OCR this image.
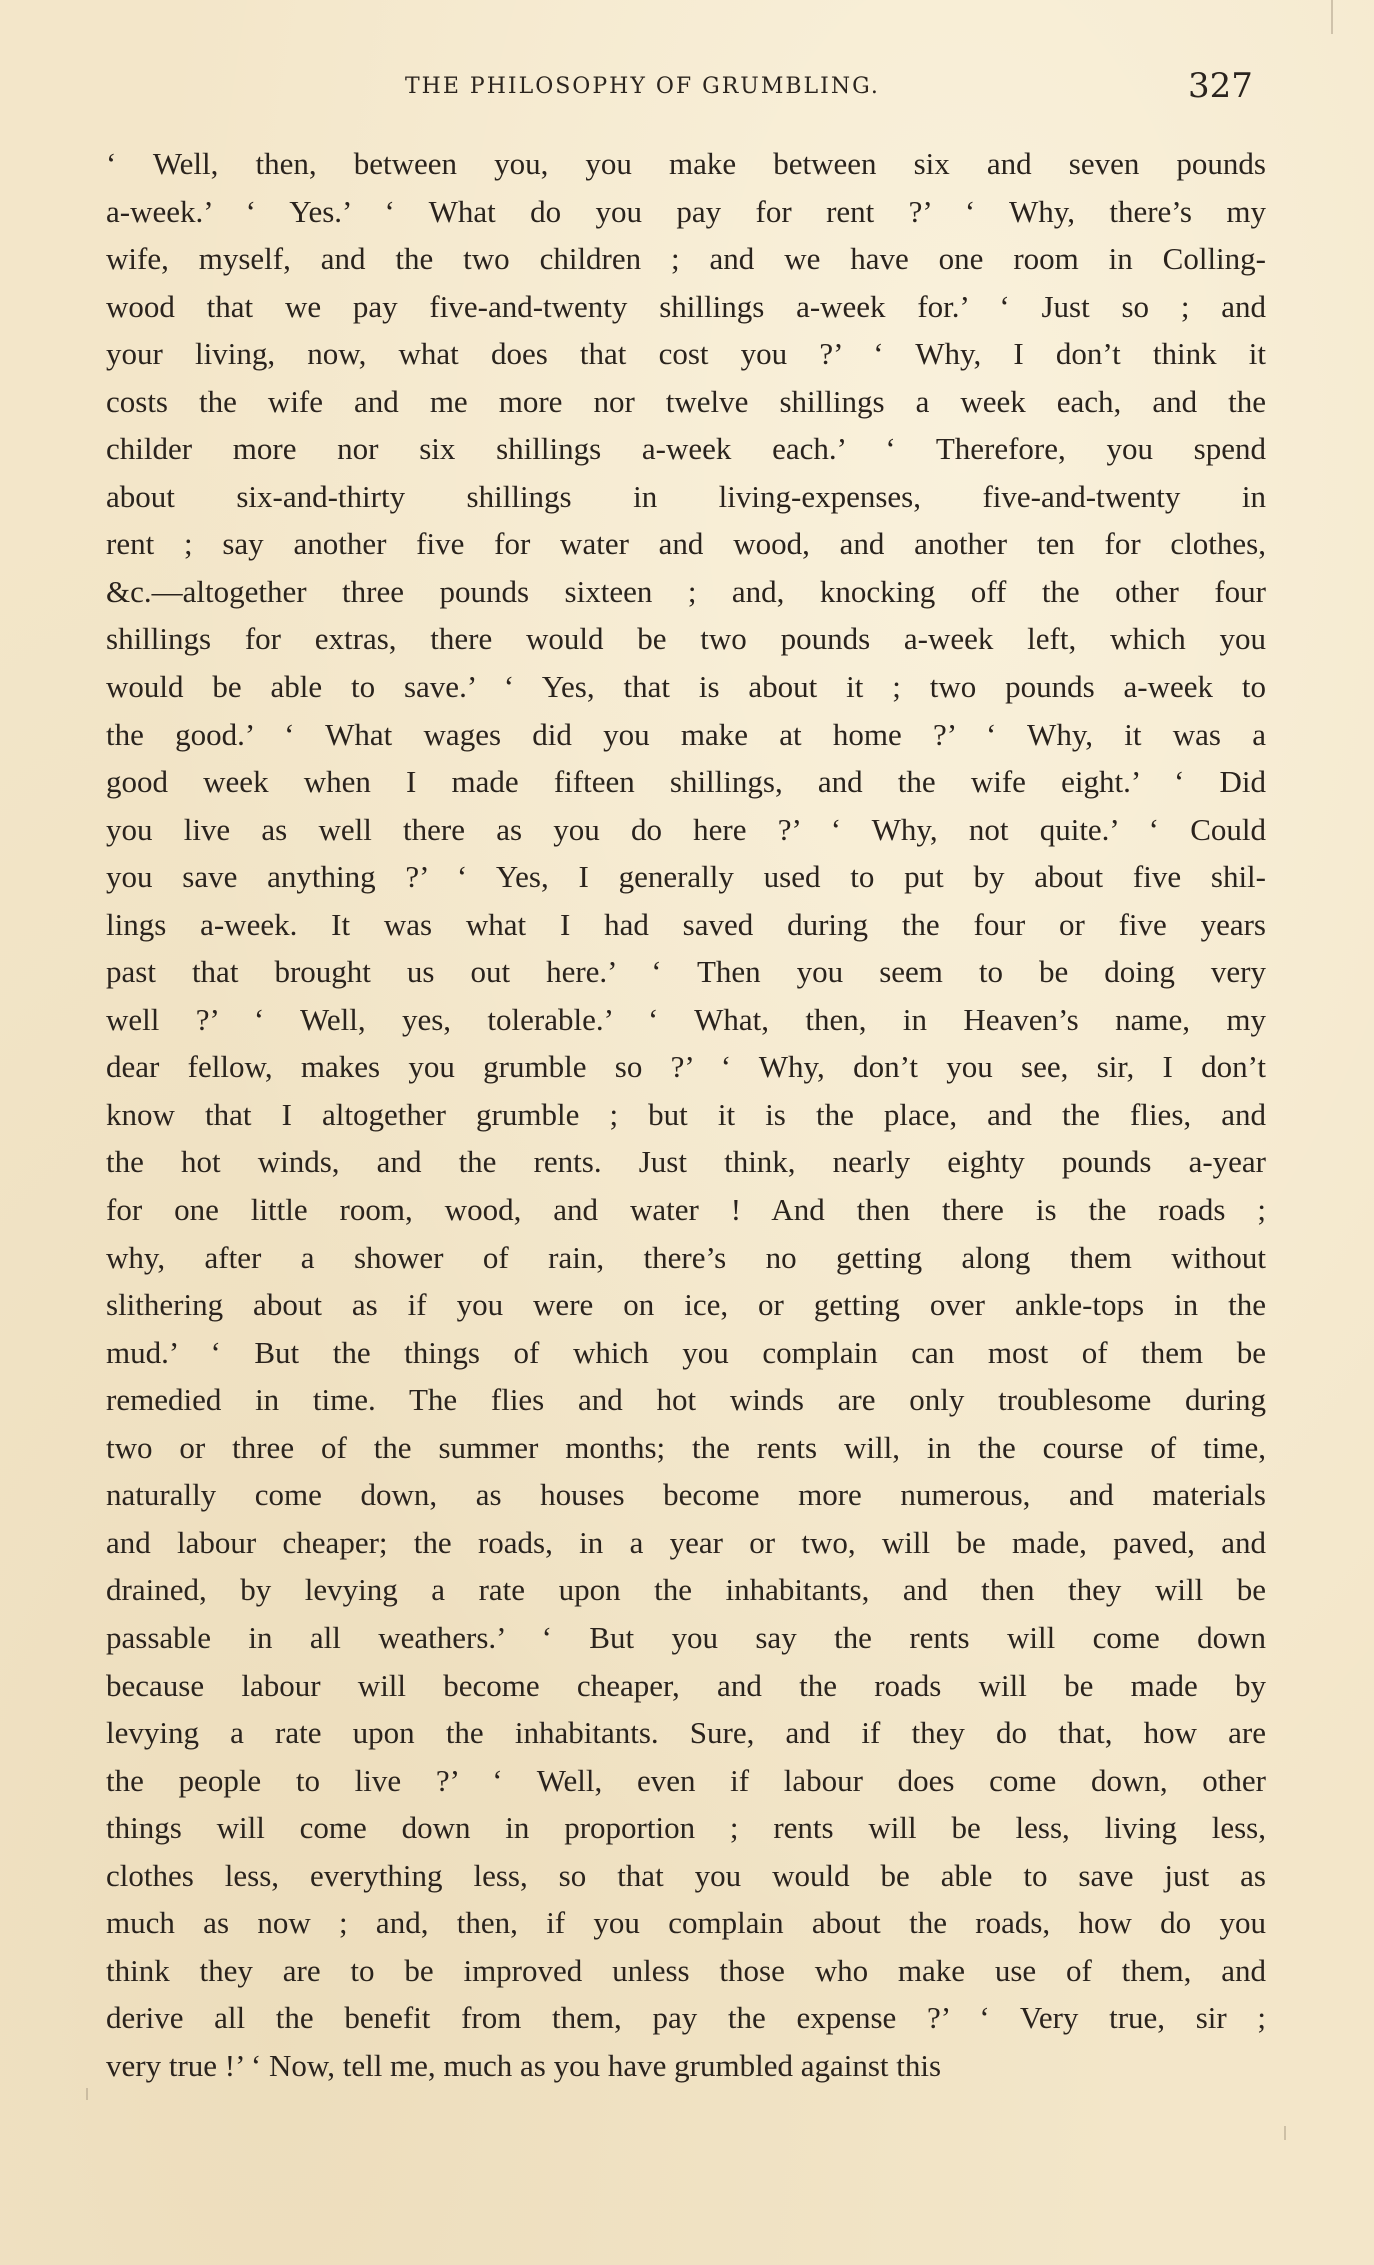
THE PHILOSOPHY OF GRUMBLING.	327
‘ Well, then, between you, you make between six and seven pounds
a-week.’ ‘ Yes.’ ‘ What do you pay for rent ?’ ‘ Why, there’s my
wife, myself, and the two children ; and we have one room in Colling-
wood that we pay five-and-twenty shillings a-week for.’ ‘ Just so ; and
your living, now, what does that cost you ?’ ‘ Why, I don’t think it
costs the wife and me more nor twelve shillings a week each, and the
childer more nor six shillings a-week each.’ ‘ Therefore, you spend
about six-and-thirty shillings in living-expenses, five-and-twenty in
rent ; say another five for water and wood, and another ten for clothes,
&c.—altogether three pounds sixteen ; and, knocking off the other four
shillings for extras, there would be two pounds a-week left, which you
would be able to save.’ ‘ Yes, that is about it ; two pounds a-week to
the good.’ ‘ What wages did you make at home ?’ ‘ Why, it was a
good week when I made fifteen shillings, and the wife eight.’ ‘ Did
you live as well there as you do here ?’ ‘ Why, not quite.’ ‘ Could
you save anything ?’ ‘ Yes, I generally used to put by about five shil-
lings a-week. It was what I had saved during the four or five years
past that brought us out here.’ ‘ Then you seem to be doing very
well ?’ ‘ Well, yes, tolerable.’ ‘ What, then, in Heaven’s name, my
dear fellow, makes you grumble so ?’ ‘ Why, don’t you see, sir, I don’t
know that I altogether grumble ; but it is the place, and the flies, and
the hot winds, and the rents. Just think, nearly eighty pounds a-year
for one little room, wood, and water ! And then there is the roads ;
why, after a shower of rain, there’s no getting along them without
slithering about as if you were on ice, or getting over ankle-tops in the
mud.’ ‘ But the things of which you complain can most of them be
remedied in time. The flies and hot winds are only troublesome during
two or three of the summer months; the rents will, in the course of time,
naturally come down, as houses become more numerous, and materials
and labour cheaper; the roads, in a year or two, will be made, paved, and
drained, by levying a rate upon the inhabitants, and then they will be
passable in all weathers.’ ‘ But you say the rents will come down
because labour will become cheaper, and the roads will be made by
levying a rate upon the inhabitants. Sure, and if they do that, how are
the people to live ?’ ‘ Well, even if labour does come down, other
things will come down in proportion ; rents will be less, living less,
clothes less, everything less, so that you would be able to save just as
much as now ; and, then, if you complain about the roads, how do you
think they are to be improved unless those who make use of them, and
derive all the benefit from them, pay the expense ?’ ‘ Very true, sir ;
very true !’ ‘ Now, tell me, much as you have grumbled against this
